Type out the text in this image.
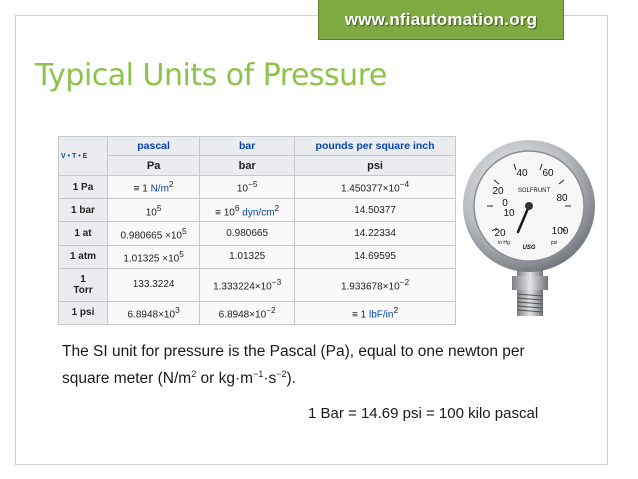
www.nfiautomation.org
Typical Units of Pressure
V • T • E	pascal	bar	pounds per square inch
	Pa	bar	psi
1 Pa	≡ 1 $N/m^2$	$10^{-5}$	$1.450377\times 10^{-4}$
1 bar	$10^5$	≡ $10^6$ dyn/$cm^2$	14.50377
1 at	$0.980665 \times 10^5$	0.980665	14.22334
1 atm	$1.01325 \times 10^5$	1.01325	14.69595
1
Torr	133.3224	$1.333224\times 10^{-3}$	$1.933678\times 10^{-2}$
1 psi	$6.8948\times 10^3$	$6.8948\times 10^{-2}$	≡ 1 lbF/$in^2$
20
20
10
0
40 60
80
100
SOLFRUNT
in Hg	psi
USG
The SI unit for pressure is the Pascal (Pa), equal to one newton per
square meter ($N/m^2$ or $kg\cdot m^{-1}\cdot s^{-2}$).
1 Bar = 14.69 psi = 100 kilo pascal
